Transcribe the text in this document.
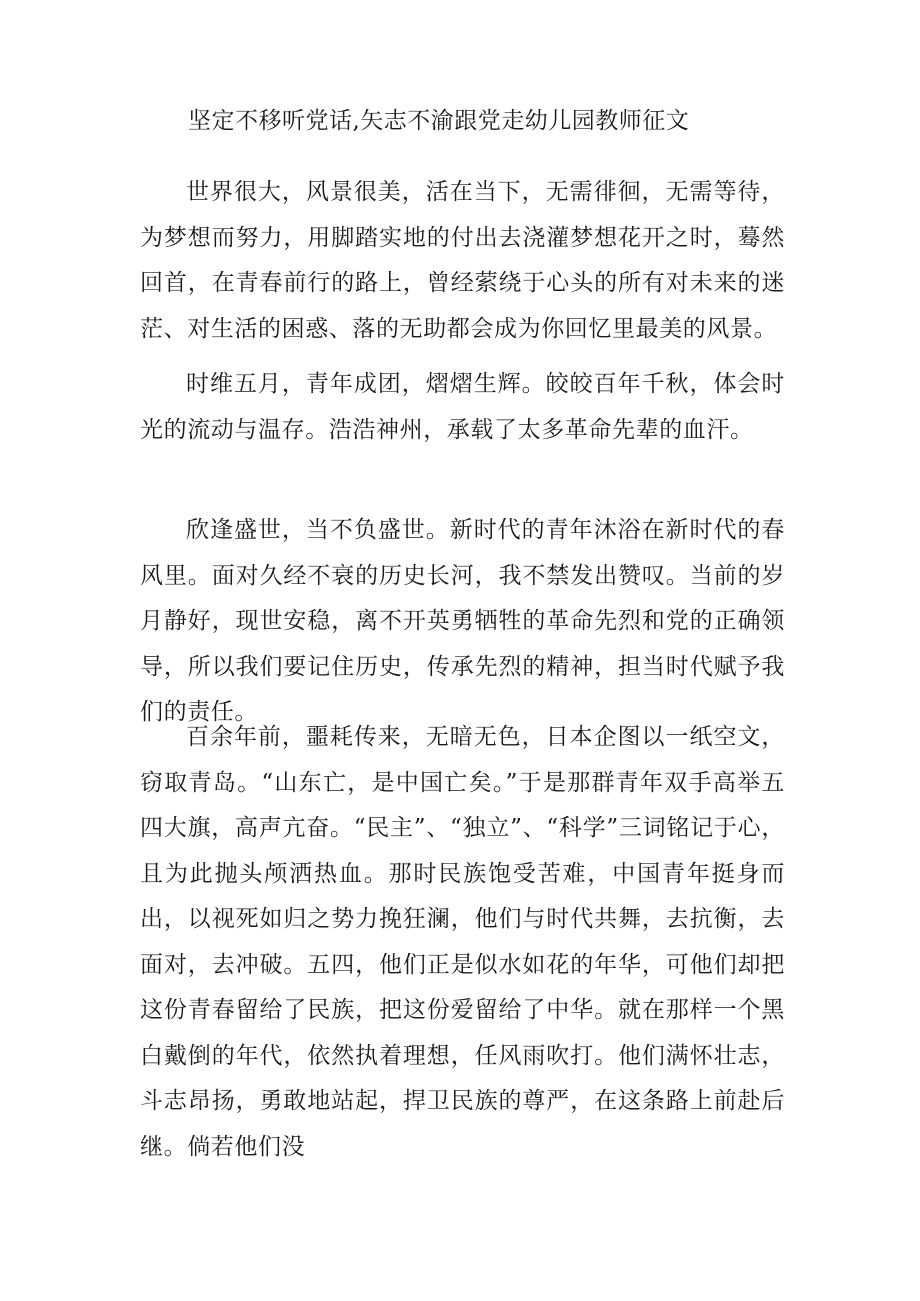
坚定不移听党话,矢志不渝跟党走幼儿园教师征文

世界很大，风景很美，活在当下，无需徘徊，无需等待，为梦想而努力，用脚踏实地的付出去浇灌梦想花开之时，蓦然回首，在青春前行的路上，曾经萦绕于心头的所有对未来的迷茫、对生活的困惑、落的无助都会成为你回忆里最美的风景。

时维五月，青年成团，熠熠生辉。皎皎百年千秋，体会时光的流动与温存。浩浩神州，承载了太多革命先辈的血汗。

欣逢盛世，当不负盛世。新时代的青年沐浴在新时代的春风里。面对久经不衰的历史长河，我不禁发出赞叹。当前的岁月静好，现世安稳，离不开英勇牺牲的革命先烈和党的正确领导，所以我们要记住历史，传承先烈的精神，担当时代赋予我们的责任。

百余年前，噩耗传来，无暗无色，日本企图以一纸空文，窃取青岛。“山东亡，是中国亡矣。”于是那群青年双手高举五四大旗，高声亢奋。“民主”、“独立”、“科学”三词铭记于心，且为此抛头颅洒热血。那时民族饱受苦难，中国青年挺身而出，以视死如归之势力挽狂澜，他们与时代共舞，去抗衡，去面对，去冲破。五四，他们正是似水如花的年华，可他们却把这份青春留给了民族，把这份爱留给了中华。就在那样一个黑白戴倒的年代，依然执着理想，任风雨吹打。他们满怀壮志，斗志昂扬，勇敢地站起，捍卫民族的尊严，在这条路上前赴后继。倘若他们没
